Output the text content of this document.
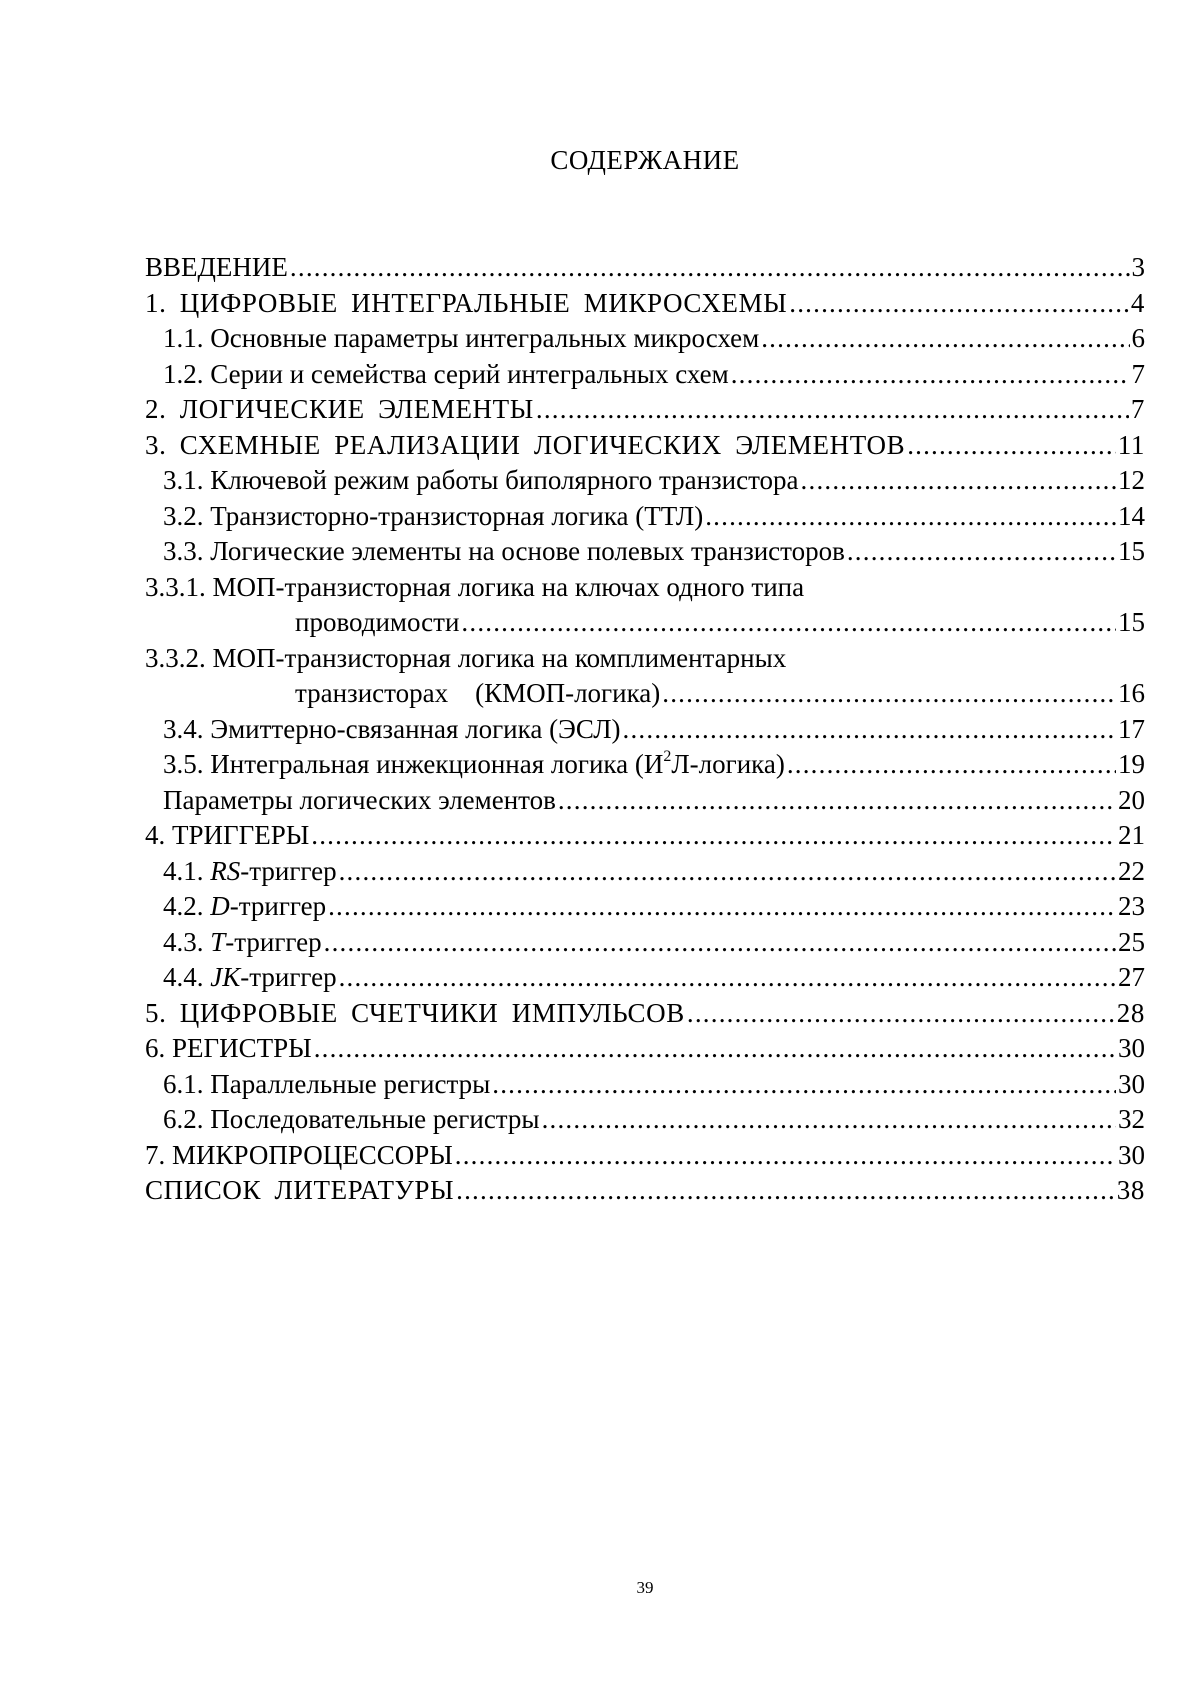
СОДЕРЖАНИЕ
ВВЕДЕНИЕ .....	3
1. ЦИФРОВЫЕ ИНТЕГРАЛЬНЫЕ МИКРОСХЕМЫ .....	4
1.1. Основные параметры интегральных микросхем .....	6
1.2. Серии и семейства серий интегральных схем .....	7
2. ЛОГИЧЕСКИЕ ЭЛЕМЕНТЫ .....	7
3. СХЕМНЫЕ РЕАЛИЗАЦИИ ЛОГИЧЕСКИХ ЭЛЕМЕНТОВ .....	11
3.1. Ключевой режим работы биполярного транзистора .....	12
3.2. Транзисторно-транзисторная логика (ТТЛ) .....	14
3.3. Логические элементы на основе полевых транзисторов .....	15
3.3.1. МОП-транзисторная логика на ключах одного типа
проводимости .....	15
3.3.2. МОП-транзисторная логика на комплиментарных
транзисторах    (КМОП-логика) .....	16
3.4. Эмиттерно-связанная логика (ЭСЛ) .....	17
3.5. Интегральная инжекционная логика $(И^2Л-логика)$ .....	19
Параметры логических элементов .....	20
4. ТРИГГЕРЫ .....	21
4.1. RS-триггер .....	22
4.2. D-триггер .....	23
4.3. T-триггер .....	25
4.4. JK-триггер .....	27
5. ЦИФРОВЫЕ СЧЕТЧИКИ ИМПУЛЬСОВ .....	28
6. РЕГИСТРЫ .....	30
6.1. Параллельные регистры .....	30
6.2. Последовательные регистры .....	32
7. МИКРОПРОЦЕССОРЫ .....	30
СПИСОК ЛИТЕРАТУРЫ .....	38
39
